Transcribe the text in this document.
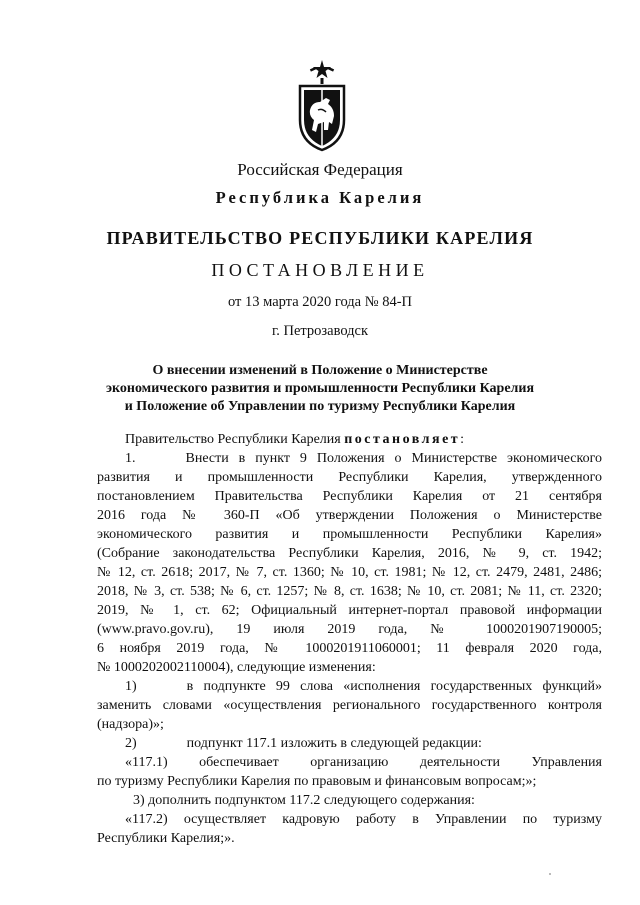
Российская Федерация
Республика Карелия
ПРАВИТЕЛЬСТВО РЕСПУБЛИКИ КАРЕЛИЯ
ПОСТАНОВЛЕНИЕ
от 13 марта 2020 года № 84-П
г. Петрозаводск
О внесении изменений в Положение о Министерстве
экономического развития и промышленности Республики Карелия
и Положение об Управлении по туризму Республики Карелия
Правительство Республики Карелия постановляет:
1.	Внести в пункт 9 Положения о Министерстве экономического
развития и промышленности Республики Карелия, утвержденного
постановлением Правительства Республики Карелия от 21 сентября
2016 года № 360-П «Об утверждении Положения о Министерстве
экономического развития и промышленности Республики Карелия»
(Собрание законодательства Республики Карелия, 2016, № 9, ст. 1942;
№ 12, ст. 2618; 2017, № 7, ст. 1360; № 10, ст. 1981; № 12, ст. 2479, 2481, 2486;
2018, № 3, ст. 538; № 6, ст. 1257; № 8, ст. 1638; № 10, ст. 2081; № 11, ст. 2320;
2019, № 1, ст. 62; Официальный интернет-портал правовой информации
(www.pravo.gov.ru), 19 июля 2019 года, № 1000201907190005;
6 ноября 2019 года, № 1000201911060001; 11 февраля 2020 года,
№ 1000202002110004), следующие изменения:
1)	в подпункте 99 слова «исполнения государственных функций»
заменить словами «осуществления регионального государственного контроля
(надзора)»;
2)	подпункт 117.1 изложить в следующей редакции:
«117.1) обеспечивает организацию деятельности Управления
по туризму Республики Карелия по правовым и финансовым вопросам;»;
3) дополнить подпунктом 117.2 следующего содержания:
«117.2) осуществляет кадровую работу в Управлении по туризму
Республики Карелия;».
